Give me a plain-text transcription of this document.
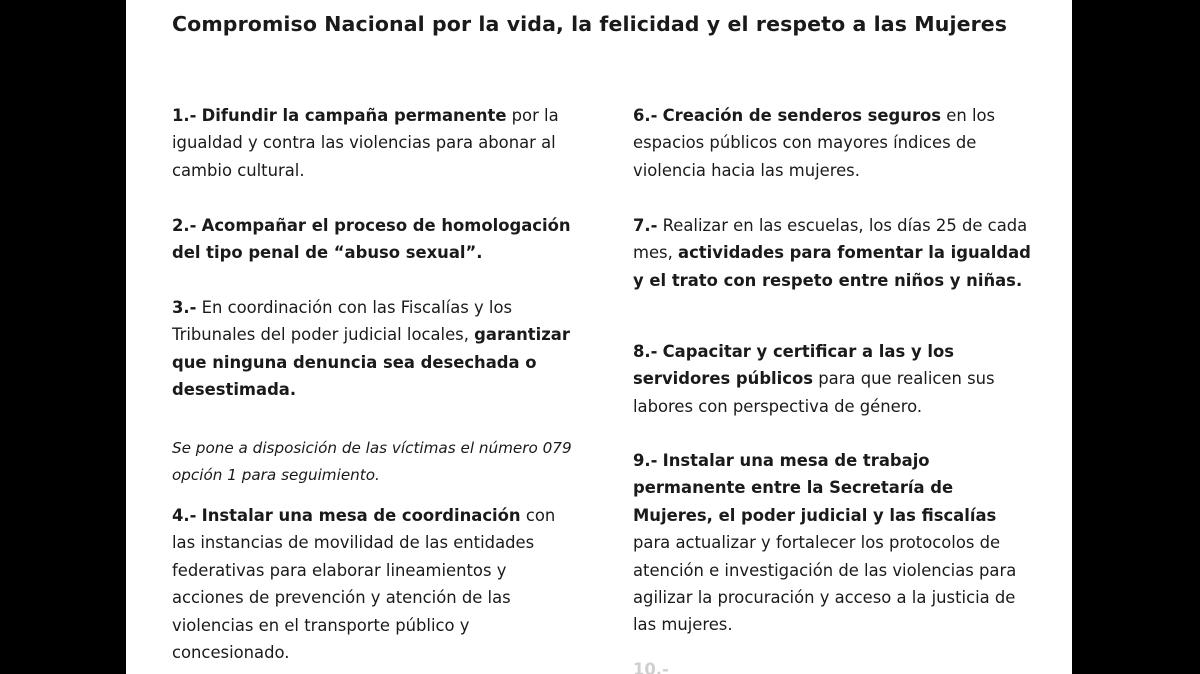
Compromiso Nacional por la vida, la felicidad y el respeto a las Mujeres

1.- Difundir la campaña permanente por la igualdad y contra las violencias para abonar al cambio cultural.

2.- Acompañar el proceso de homologación del tipo penal de “abuso sexual”.

3.- En coordinación con las Fiscalías y los Tribunales del poder judicial locales, garantizar que ninguna denuncia sea desechada o desestimada.

Se pone a disposición de las víctimas el número 079 opción 1 para seguimiento.

4.- Instalar una mesa de coordinación con las instancias de movilidad de las entidades federativas para elaborar lineamientos y acciones de prevención y atención de las violencias en el transporte público y concesionado.

6.- Creación de senderos seguros en los espacios públicos con mayores índices de violencia hacia las mujeres.

7.- Realizar en las escuelas, los días 25 de cada mes, actividades para fomentar la igualdad y el trato con respeto entre niños y niñas.

8.- Capacitar y certificar a las y los servidores públicos para que realicen sus labores con perspectiva de género.

9.- Instalar una mesa de trabajo permanente entre la Secretaría de Mujeres, el poder judicial y las fiscalías para actualizar y fortalecer los protocolos de atención e investigación de las violencias para agilizar la procuración y acceso a la justicia de las mujeres.

10.-
